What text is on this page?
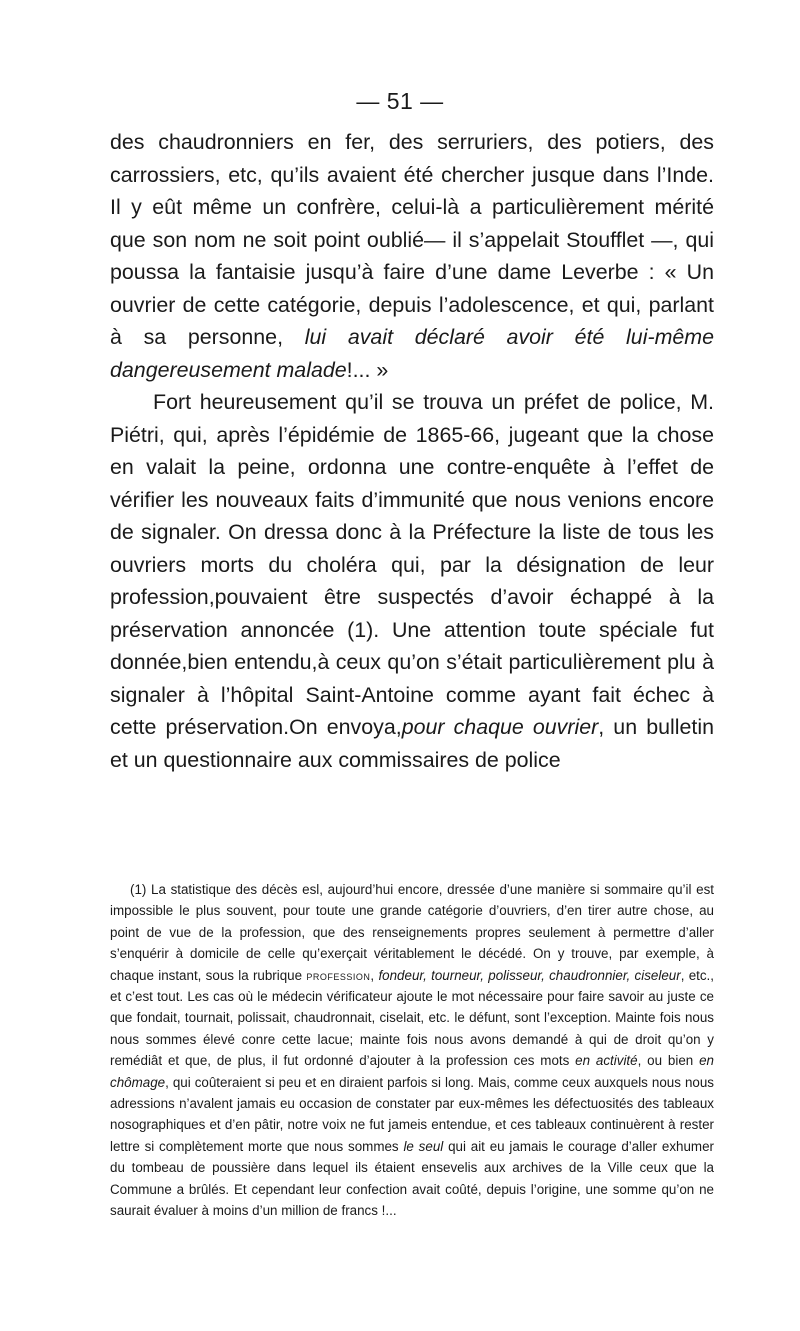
— 51 —

des chaudronniers en fer, des serruriers, des potiers, des carrossiers, etc, qu’ils avaient été chercher jusque dans l’Inde. Il y eût même un confrère, celui-là a particulièrement mérité que son nom ne soit point oublié— il s’appelait Stoufflet —, qui poussa la fantaisie jusqu’à faire d’une dame Leverbe : « Un ouvrier de cette catégorie, depuis l’adolescence, et qui, parlant à sa personne, lui avait déclaré avoir été lui-même dangereusement malade!... »

Fort heureusement qu’il se trouva un préfet de police, M. Piétri, qui, après l’épidémie de 1865-66, jugeant que la chose en valait la peine, ordonna une contre-enquête à l’effet de vérifier les nouveaux faits d’immunité que nous venions encore de signaler. On dressa donc à la Préfecture la liste de tous les ouvriers morts du choléra qui, par la désignation de leur profession,pouvaient être suspectés d’avoir échappé à la préservation annoncée (1). Une attention toute spéciale fut donnée,bien entendu,à ceux qu’on s’était particulièrement plu à signaler à l’hôpital Saint-Antoine comme ayant fait échec à cette préservation.On envoya,pour chaque ouvrier, un bulletin et un questionnaire aux commissaires de police

(1) La statistique des décès esl, aujourd’hui encore, dressée d’une manière si sommaire qu’il est impossible le plus souvent, pour toute une grande catégorie d’ouvriers, d’en tirer autre chose, au point de vue de la profession, que des renseignements propres seulement à permettre d’aller s’enquérir à domicile de celle qu’exerçait véritablement le décédé. On y trouve, par exemple, à chaque instant, sous la rubrique profession, fondeur, tourneur, polisseur, chaudronnier, ciseleur, etc., et c’est tout. Les cas où le médecin vérificateur ajoute le mot nécessaire pour faire savoir au juste ce que fondait, tournait, polissait, chaudronnait, ciselait, etc. le défunt, sont l’exception. Mainte fois nous nous sommes élevé conre cette lacue; mainte fois nous avons demandé à qui de droit qu’on y remédiât et que, de plus, il fut ordonné d’ajouter à la profession ces mots en activité, ou bien en chômage, qui coûteraient si peu et en diraient parfois si long. Mais, comme ceux auxquels nous nous adressions n’avalent jamais eu occasion de constater par eux-mêmes les défectuosités des tableaux nosographiques et d’en pâtir, notre voix ne fut jameis entendue, et ces tableaux continuèrent à rester lettre si complètement morte que nous sommes le seul qui ait eu jamais le courage d’aller exhumer du tombeau de poussière dans lequel ils étaient ensevelis aux archives de la Ville ceux que la Commune a brûlés. Et cependant leur confection avait coûté, depuis l’origine, une somme qu’on ne saurait évaluer à moins d’un million de francs !...
